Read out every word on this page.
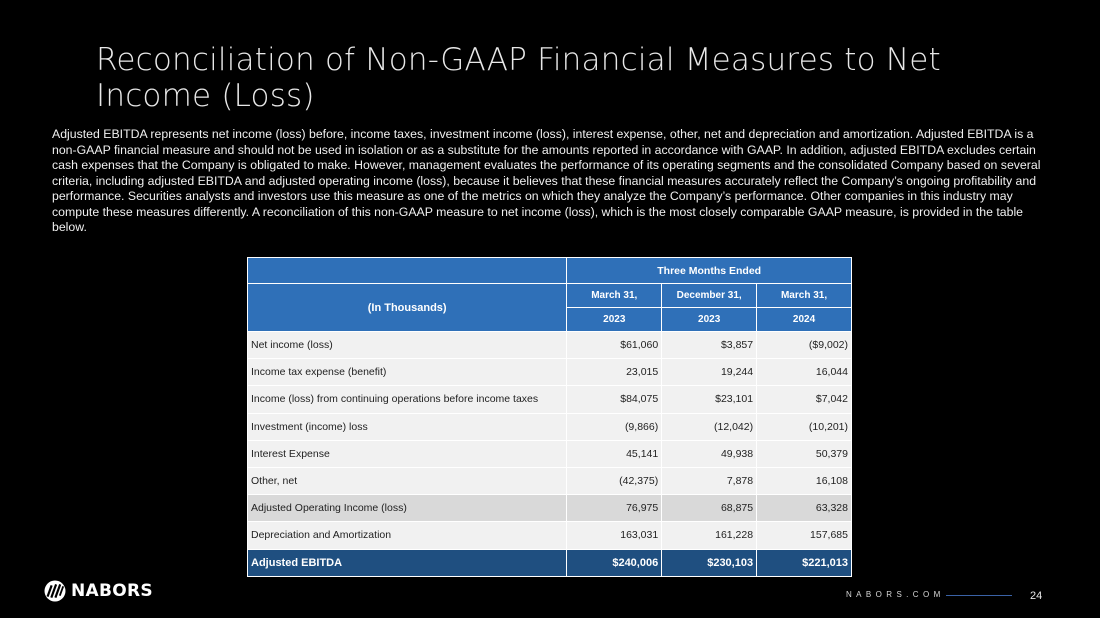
Reconciliation of Non-GAAP Financial Measures to Net Income (Loss)
Adjusted EBITDA represents net income (loss) before, income taxes, investment income (loss), interest expense, other, net and depreciation and amortization. Adjusted EBITDA is a non-GAAP financial measure and should not be used in isolation or as a substitute for the amounts reported in accordance with GAAP. In addition, adjusted EBITDA excludes certain cash expenses that the Company is obligated to make. However, management evaluates the performance of its operating segments and the consolidated Company based on several criteria, including adjusted EBITDA and adjusted operating income (loss), because it believes that these financial measures accurately reflect the Company’s ongoing profitability and performance. Securities analysts and investors use this measure as one of the metrics on which they analyze the Company’s performance. Other companies in this industry may compute these measures differently. A reconciliation of this non-GAAP measure to net income (loss), which is the most closely comparable GAAP measure, is provided in the table below.
	Three Months Ended		
(In Thousands)	March 31,	December 31,	March 31,
	2023	2023	2024
Net income (loss)	$61,060	$3,857	($9,002)
Income tax expense (benefit)	23,015	19,244	16,044
Income (loss) from continuing operations before income taxes	$84,075	$23,101	$7,042
Investment (income) loss	(9,866)	(12,042)	(10,201)
Interest Expense	45,141	49,938	50,379
Other, net	(42,375)	7,878	16,108
Adjusted Operating Income (loss)	76,975	68,875	63,328
Depreciation and Amortization	163,031	161,228	157,685
Adjusted EBITDA	$240,006	$230,103	$221,013
NABORS	NABORS.COM	24
